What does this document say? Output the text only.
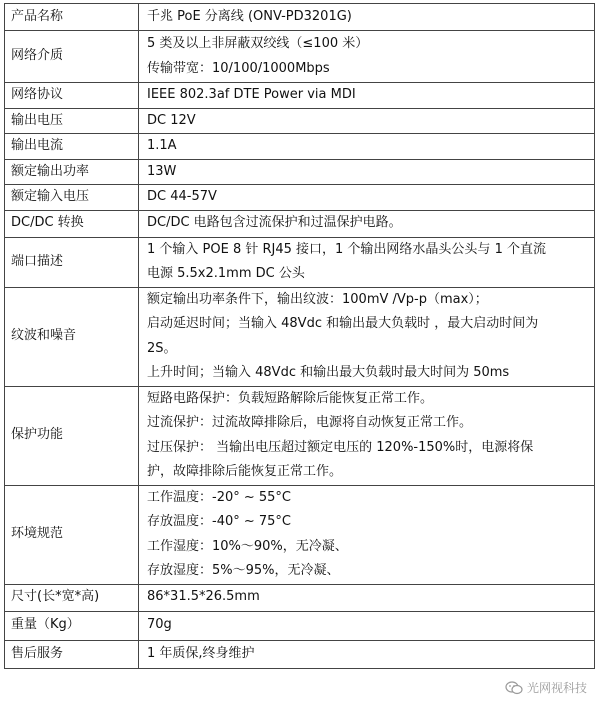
产品名称	千兆 PoE 分离线 (ONV-PD3201G)

网络介质	5 类及以上非屏蔽双绞线（≤100 米）
传输带宽：10/100/1000Mbps

网络协议	IEEE 802.3af DTE Power via MDI

输出电压	DC 12V

输出电流	1.1A

额定输出功率	13W

额定输入电压	DC 44-57V

DC/DC 转换	DC/DC 电路包含过流保护和过温保护电路。

端口描述	1 个输入 POE 8 针 RJ45 接口，1 个输出网络水晶头公头与 1 个直流
电源 5.5x2.1mm DC 公头

纹波和噪音	额定输出功率条件下，输出纹波：100mV /Vp-p（max）；
启动延迟时间；当输入 48Vdc 和输出最大负载时 ，最大启动时间为
2S。
上升时间；当输入 48Vdc 和输出最大负载时最大时间为 50ms

保护功能	短路电路保护：负载短路解除后能恢复正常工作。
过流保护：过流故障排除后，电源将自动恢复正常工作。
过压保护： 当输出电压超过额定电压的 120%-150%时，电源将保
护，故障排除后能恢复正常工作。

环境规范	工作温度：-20° ~ 55°C
存放温度：-40° ~ 75°C
工作湿度：10%～90%，无冷凝、
存放湿度：5%～95%，无冷凝、

尺寸(长*宽*高)	86*31.5*26.5mm

重量（Kg）	70g

售后服务	1 年质保,终身维护
光网视科技
